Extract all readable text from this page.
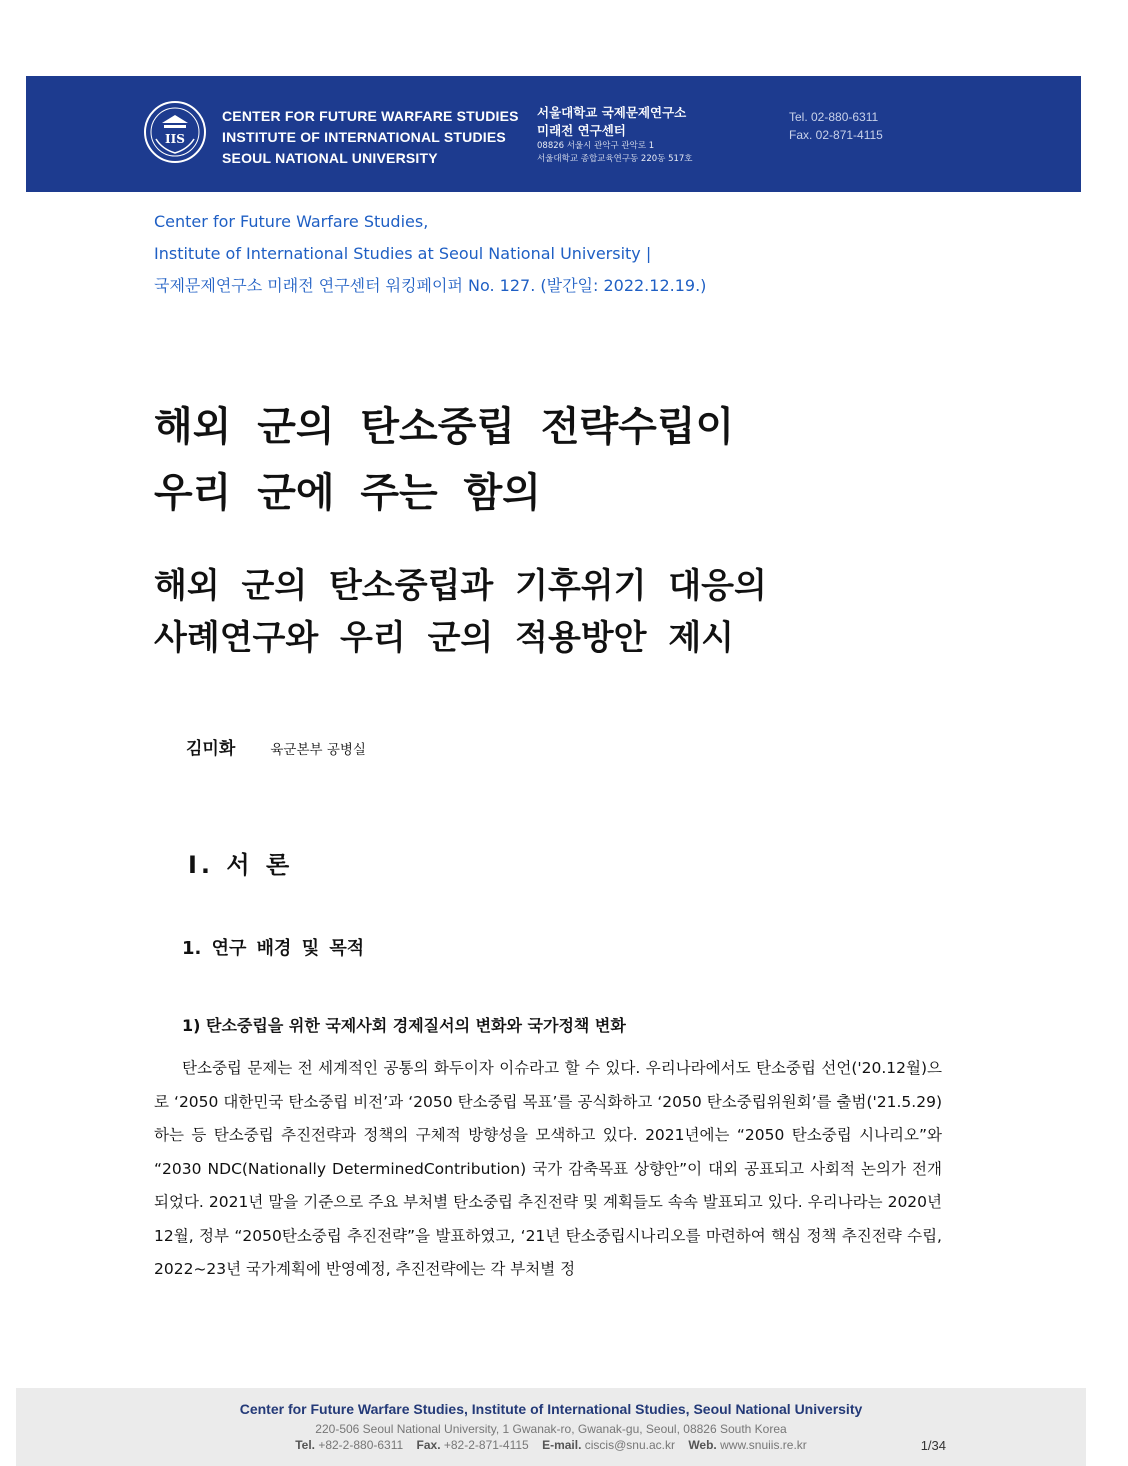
IIS
CENTER FOR FUTURE WARFARE STUDIES
INSTITUTE OF INTERNATIONAL STUDIES
SEOUL NATIONAL UNIVERSITY
서울대학교 국제문제연구소
미래전 연구센터
08826 서울시 관악구 관악로 1
서울대학교 종합교육연구동 220동 517호
Tel. 02-880-6311
Fax. 02-871-4115
Center for Future Warfare Studies,
Institute of International Studies at Seoul National University |
국제문제연구소 미래전 연구센터 워킹페이퍼 No. 127. (발간일: 2022.12.19.)
해외 군의 탄소중립 전략수립이
우리 군에 주는 함의
해외 군의 탄소중립과 기후위기 대응의
사례연구와 우리 군의 적용방안 제시
김미화	육군본부 공병실
Ⅰ. 서 론
1. 연구 배경 및 목적
1) 탄소중립을 위한 국제사회 경제질서의 변화와 국가정책 변화

탄소중립 문제는 전 세계적인 공통의 화두이자 이슈라고 할 수 있다. 우리나라에서도 탄소중립 선언('20.12월)으로 ‘2050 대한민국 탄소중립 비전’과 ‘2050 탄소중립 목표’를 공식화하고 ‘2050 탄소중립위원회’를 출범('21.5.29)하는 등 탄소중립 추진전략과 정책의 구체적 방향성을 모색하고 있다. 2021년에는 “2050 탄소중립 시나리오”와 “2030 NDC(Nationally DeterminedContribution) 국가 감축목표 상향안”이 대외 공표되고 사회적 논의가 전개되었다. 2021년 말을 기준으로 주요 부처별 탄소중립 추진전략 및 계획들도 속속 발표되고 있다. 우리나라는 2020년 12월, 정부 “2050탄소중립 추진전략”을 발표하였고, ‘21년 탄소중립시나리오를 마련하여 핵심 정책 추진전략 수립, 2022~23년 국가계획에 반영예정, 추진전략에는 각 부처별 정

Center for Future Warfare Studies, Institute of International Studies, Seoul National University
220-506 Seoul National University, 1 Gwanak-ro, Gwanak-gu, Seoul, 08826 South Korea
Tel. +82-2-880-6311 Fax. +82-2-871-4115 E-mail. ciscis@snu.ac.kr Web. www.snuiis.re.kr	1/34
